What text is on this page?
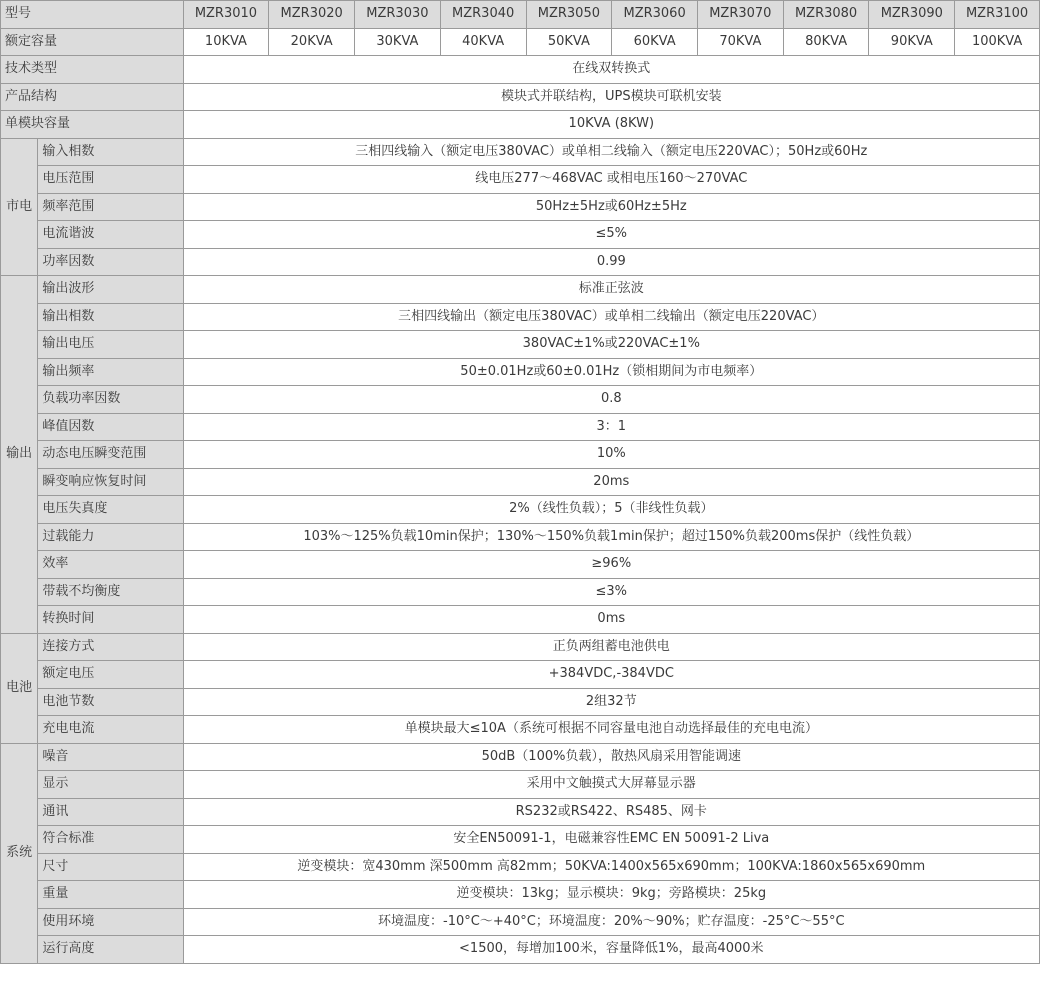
型号		MZR3010	MZR3020	MZR3030	MZR3040	MZR3050	MZR3060	MZR3070	MZR3080	MZR3090	MZR3100
额定容量		10KVA	20KVA	30KVA	40KVA	50KVA	60KVA	70KVA	80KVA	90KVA	100KVA
技术类型		在线双转换式									
产品结构		模块式并联结构，UPS模块可联机安装									
单模块容量		10KVA (8KW)									
市电	输入相数	三相四线输入（额定电压380VAC）或单相二线输入（额定电压220VAC）；50Hz或60Hz									
	电压范围	线电压277～468VAC 或相电压160～270VAC									
	频率范围	50Hz±5Hz或60Hz±5Hz									
	电流谐波	≤5%									
	功率因数	0.99									
输出	输出波形	标准正弦波									
	输出相数	三相四线输出（额定电压380VAC）或单相二线输出（额定电压220VAC）									
	输出电压	380VAC±1%或220VAC±1%									
	输出频率	50±0.01Hz或60±0.01Hz（锁相期间为市电频率）									
	负载功率因数	0.8									
	峰值因数	3：1									
	动态电压瞬变范围	10%									
	瞬变响应恢复时间	20ms									
	电压失真度	2%（线性负载）；5（非线性负载）									
	过载能力	103%～125%负载10min保护；130%～150%负载1min保护；超过150%负载200ms保护（线性负载）									
	效率	≥96%									
	带载不均衡度	≤3%									
	转换时间	0ms									
电池	连接方式	正负两组蓄电池供电									
	额定电压	+384VDC,-384VDC									
	电池节数	2组32节									
	充电电流	单模块最大≤10A（系统可根据不同容量电池自动选择最佳的充电电流）									
系统	噪音	50dB（100%负载），散热风扇采用智能调速									
	显示	采用中文触摸式大屏幕显示器									
	通讯	RS232或RS422、RS485、网卡									
	符合标准	安全EN50091-1，电磁兼容性EMC EN 50091-2 Liva									
	尺寸	逆变模块：宽430mm 深500mm 高82mm；50KVA:1400x565x690mm；100KVA:1860x565x690mm									
	重量	逆变模块：13kg；显示模块：9kg；旁路模块：25kg									
	使用环境	环境温度：-10°C～+40°C；环境温度：20%～90%；贮存温度：-25°C～55°C									
	运行高度	<1500，每增加100米，容量降低1%，最高4000米									
